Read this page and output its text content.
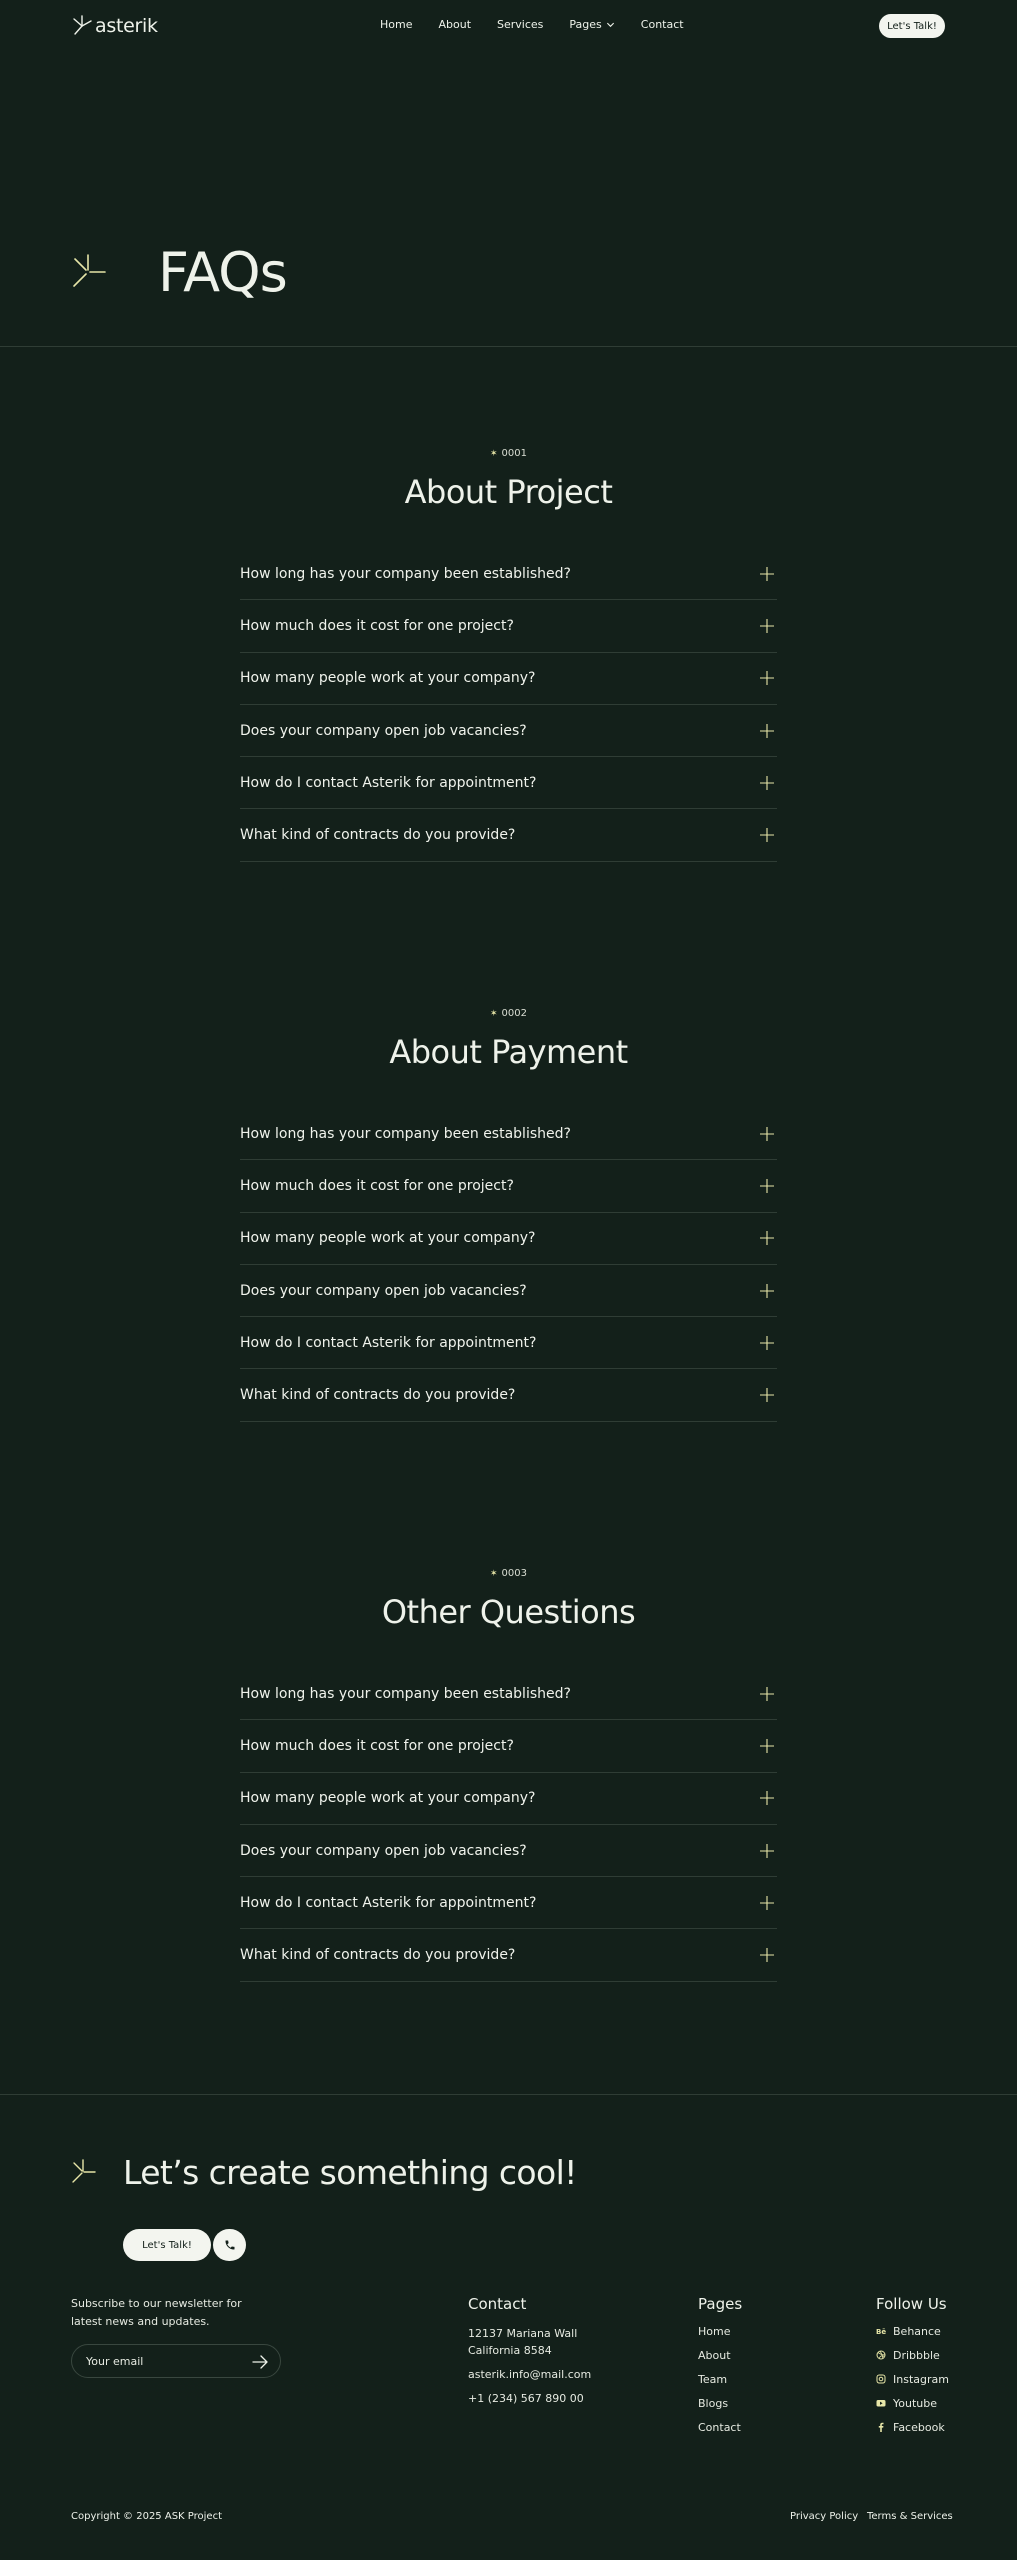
asterik	Home About Services Pages	Contact	Let's Talk!
FAQs
✶ 0001
About Project
How long has your company been established?
How much does it cost for one project?
How many people work at your company?
Does your company open job vacancies?
How do I contact Asterik for appointment?
What kind of contracts do you provide?
✶ 0002
About Payment
How long has your company been established?
How much does it cost for one project?
How many people work at your company?
Does your company open job vacancies?
How do I contact Asterik for appointment?
What kind of contracts do you provide?
✶ 0003
Other Questions
How long has your company been established?
How much does it cost for one project?
How many people work at your company?
Does your company open job vacancies?
How do I contact Asterik for appointment?
What kind of contracts do you provide?
Let’s create something cool!
Let's Talk!
Subscribe to our newsletter for latest news and updates.
Your email
Contact
12137 Mariana Wall
California 8584
asterik.info@mail.com
+1 (234) 567 890 00
Pages
Home
About
Team
Blogs
Contact
Follow Us
Bē Behance
Dribbble
Instagram
Youtube
Facebook
Copyright © 2025 ASK Project	Privacy Policy Terms & Services
